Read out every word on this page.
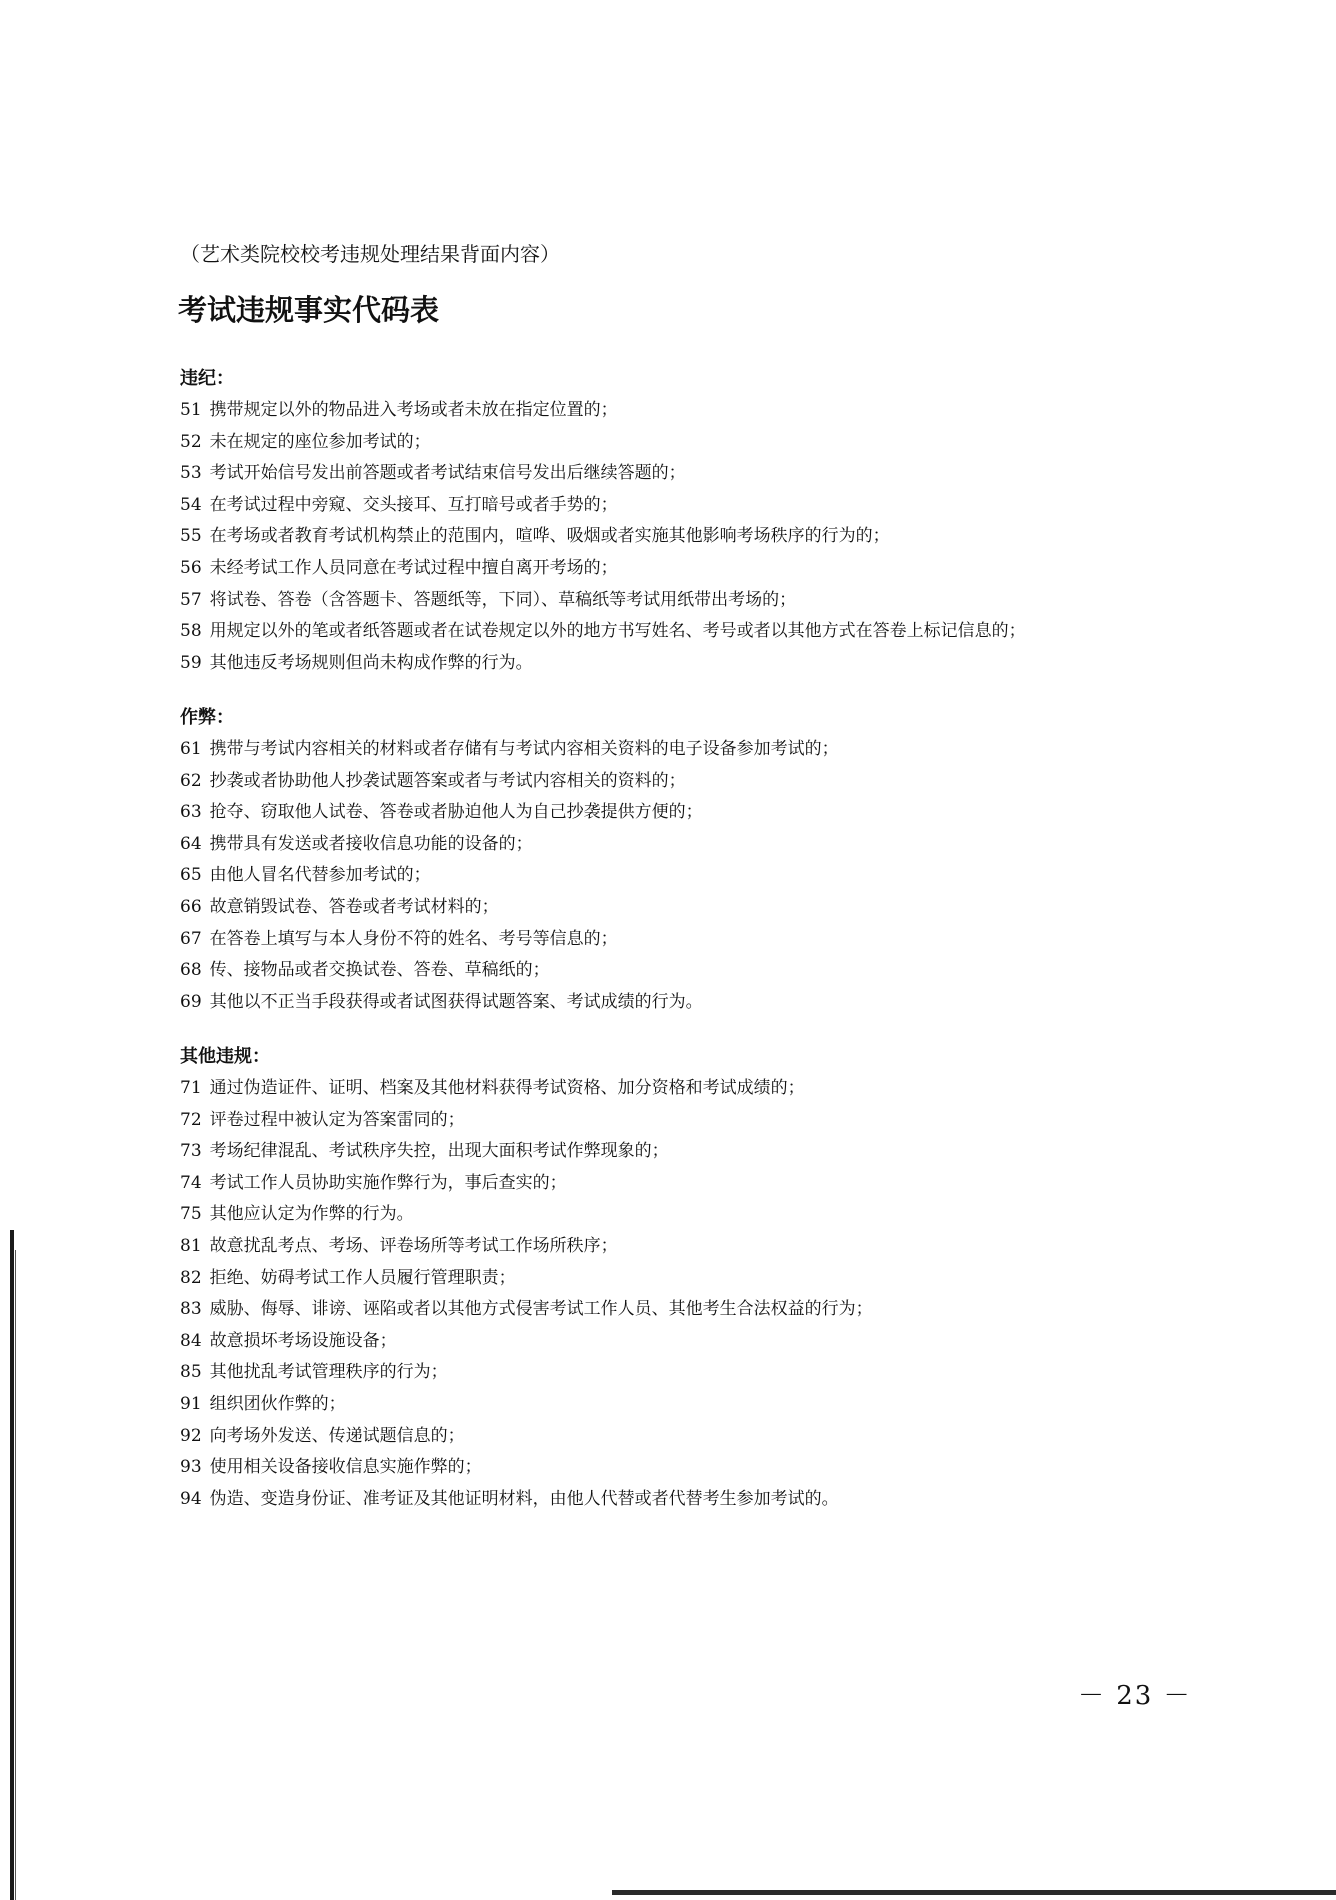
（艺术类院校校考违规处理结果背面内容）
考试违规事实代码表
违纪：
51 携带规定以外的物品进入考场或者未放在指定位置的；
52 未在规定的座位参加考试的；
53 考试开始信号发出前答题或者考试结束信号发出后继续答题的；
54 在考试过程中旁窥、交头接耳、互打暗号或者手势的；
55 在考场或者教育考试机构禁止的范围内，喧哗、吸烟或者实施其他影响考场秩序的行为的；
56 未经考试工作人员同意在考试过程中擅自离开考场的；
57 将试卷、答卷（含答题卡、答题纸等，下同）、草稿纸等考试用纸带出考场的；
58 用规定以外的笔或者纸答题或者在试卷规定以外的地方书写姓名、考号或者以其他方式在答卷上标记信息的；
59 其他违反考场规则但尚未构成作弊的行为。
作弊：
61 携带与考试内容相关的材料或者存储有与考试内容相关资料的电子设备参加考试的；
62 抄袭或者协助他人抄袭试题答案或者与考试内容相关的资料的；
63 抢夺、窃取他人试卷、答卷或者胁迫他人为自己抄袭提供方便的；
64 携带具有发送或者接收信息功能的设备的；
65 由他人冒名代替参加考试的；
66 故意销毁试卷、答卷或者考试材料的；
67 在答卷上填写与本人身份不符的姓名、考号等信息的；
68 传、接物品或者交换试卷、答卷、草稿纸的；
69 其他以不正当手段获得或者试图获得试题答案、考试成绩的行为。
其他违规：
71 通过伪造证件、证明、档案及其他材料获得考试资格、加分资格和考试成绩的；
72 评卷过程中被认定为答案雷同的；
73 考场纪律混乱、考试秩序失控，出现大面积考试作弊现象的；
74 考试工作人员协助实施作弊行为，事后查实的；
75 其他应认定为作弊的行为。
81 故意扰乱考点、考场、评卷场所等考试工作场所秩序；
82 拒绝、妨碍考试工作人员履行管理职责；
83 威胁、侮辱、诽谤、诬陷或者以其他方式侵害考试工作人员、其他考生合法权益的行为；
84 故意损坏考场设施设备；
85 其他扰乱考试管理秩序的行为；
91 组织团伙作弊的；
92 向考场外发送、传递试题信息的；
93 使用相关设备接收信息实施作弊的；
94 伪造、变造身份证、准考证及其他证明材料，由他人代替或者代替考生参加考试的。
－ 23 －
